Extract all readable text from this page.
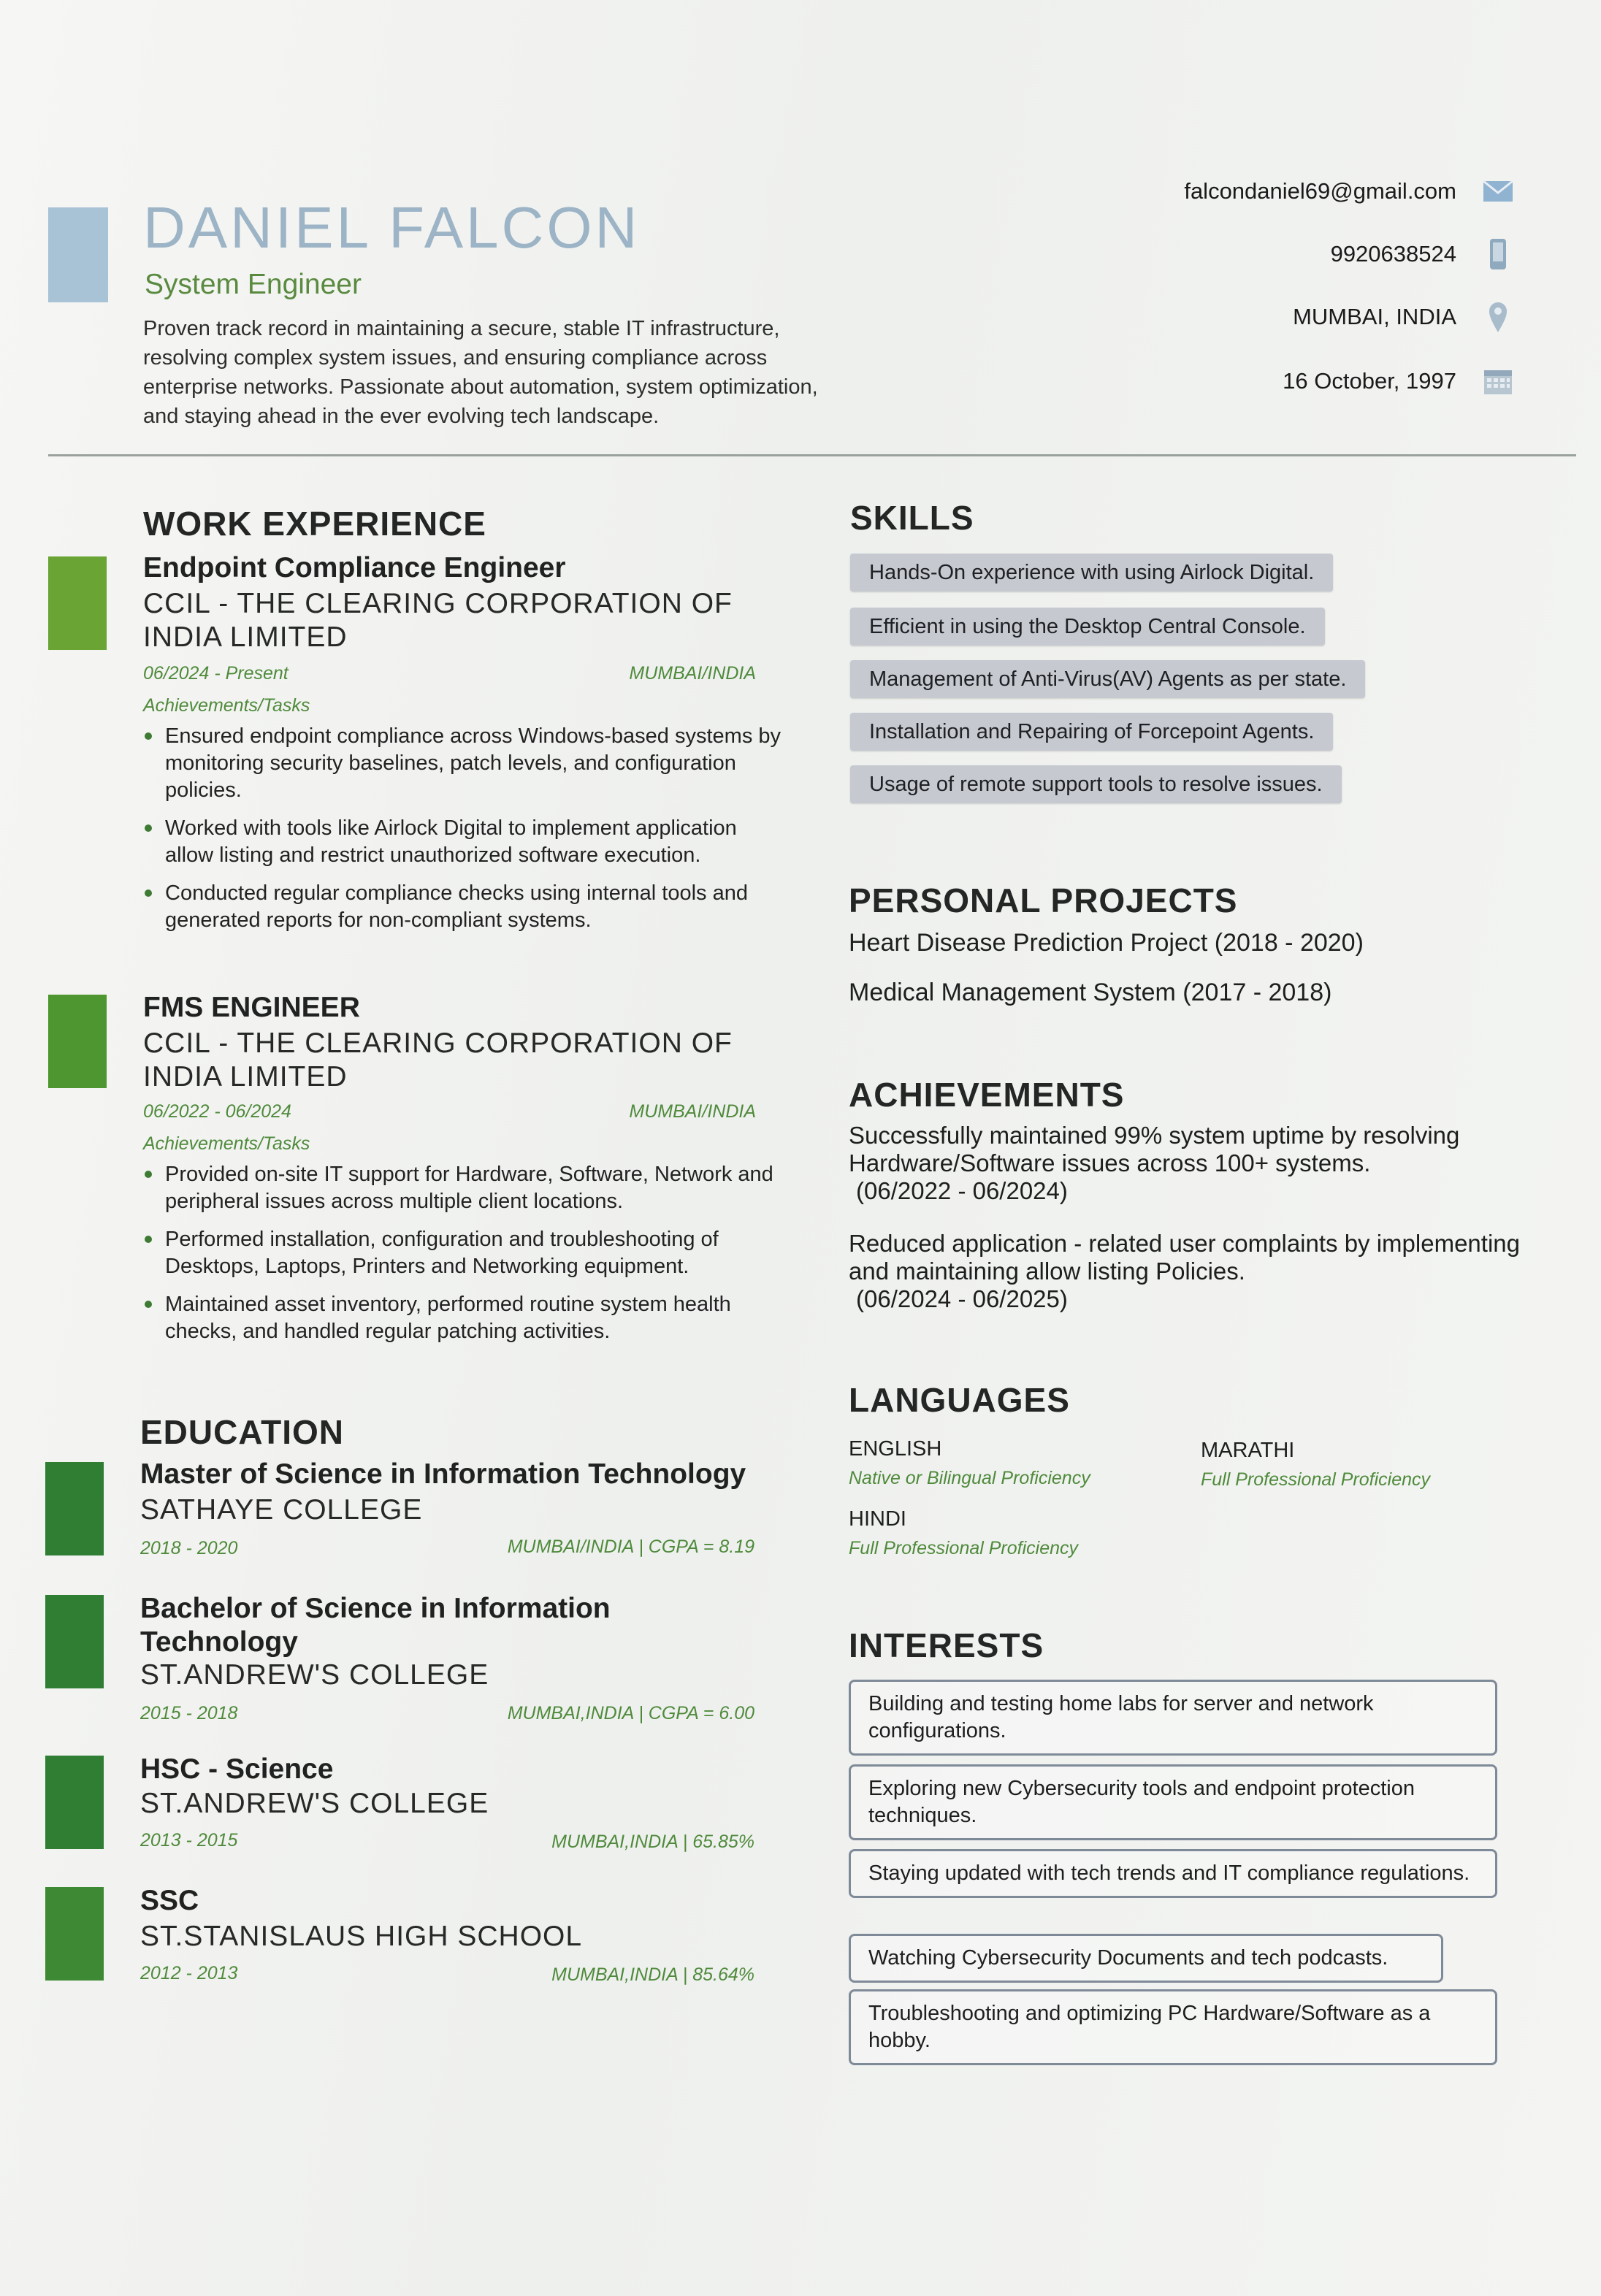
DANIEL FALCON
System Engineer
Proven track record in maintaining a secure, stable IT infrastructure, resolving complex system issues, and ensuring compliance across enterprise networks. Passionate about automation, system optimization, and staying ahead in the ever evolving tech landscape.
falcondaniel69@gmail.com
9920638524
MUMBAI, INDIA
16 October, 1997
WORK EXPERIENCE
Endpoint Compliance Engineer
CCIL - THE CLEARING CORPORATION OF INDIA LIMITED
06/2024 - Present	MUMBAI/INDIA
Achievements/Tasks
Ensured endpoint compliance across Windows-based systems by monitoring security baselines, patch levels, and configuration policies.
Worked with tools like Airlock Digital to implement application allow listing and restrict unauthorized software execution.
Conducted regular compliance checks using internal tools and generated reports for non-compliant systems.
FMS ENGINEER
CCIL - THE CLEARING CORPORATION OF INDIA LIMITED
06/2022 - 06/2024	MUMBAI/INDIA
Achievements/Tasks
Provided on-site IT support for Hardware, Software, Network and peripheral issues across multiple client locations.
Performed installation, configuration and troubleshooting of Desktops, Laptops, Printers and Networking equipment.
Maintained asset inventory, performed routine system health checks, and handled regular patching activities.
EDUCATION
Master of Science in Information Technology
SATHAYE COLLEGE
2018 - 2020	MUMBAI/INDIA | CGPA = 8.19
Bachelor of Science in Information Technology
ST.ANDREW'S COLLEGE
2015 - 2018	MUMBAI,INDIA | CGPA = 6.00
HSC - Science
ST.ANDREW'S COLLEGE
2013 - 2015	MUMBAI,INDIA | 65.85%
SSC
ST.STANISLAUS HIGH SCHOOL
2012 - 2013	MUMBAI,INDIA | 85.64%
SKILLS
Hands-On experience with using Airlock Digital.
Efficient in using the Desktop Central Console.
Management of Anti-Virus(AV) Agents as per state.
Installation and Repairing of Forcepoint Agents.
Usage of remote support tools to resolve issues.
PERSONAL PROJECTS
Heart Disease Prediction Project (2018 - 2020)
Medical Management System (2017 - 2018)
ACHIEVEMENTS
Successfully maintained 99% system uptime by resolving Hardware/Software issues across 100+ systems.
(06/2022 - 06/2024)
Reduced application - related user complaints by implementing and maintaining allow listing Policies.
(06/2024 - 06/2025)
LANGUAGES
ENGLISH
Native or Bilingual Proficiency
MARATHI
Full Professional Proficiency
HINDI
Full Professional Proficiency
INTERESTS
Building and testing home labs for server and network configurations.
Exploring new Cybersecurity tools and endpoint protection techniques.
Staying updated with tech trends and IT compliance regulations.
Watching Cybersecurity Documents and tech podcasts.
Troubleshooting and optimizing PC Hardware/Software as a hobby.
